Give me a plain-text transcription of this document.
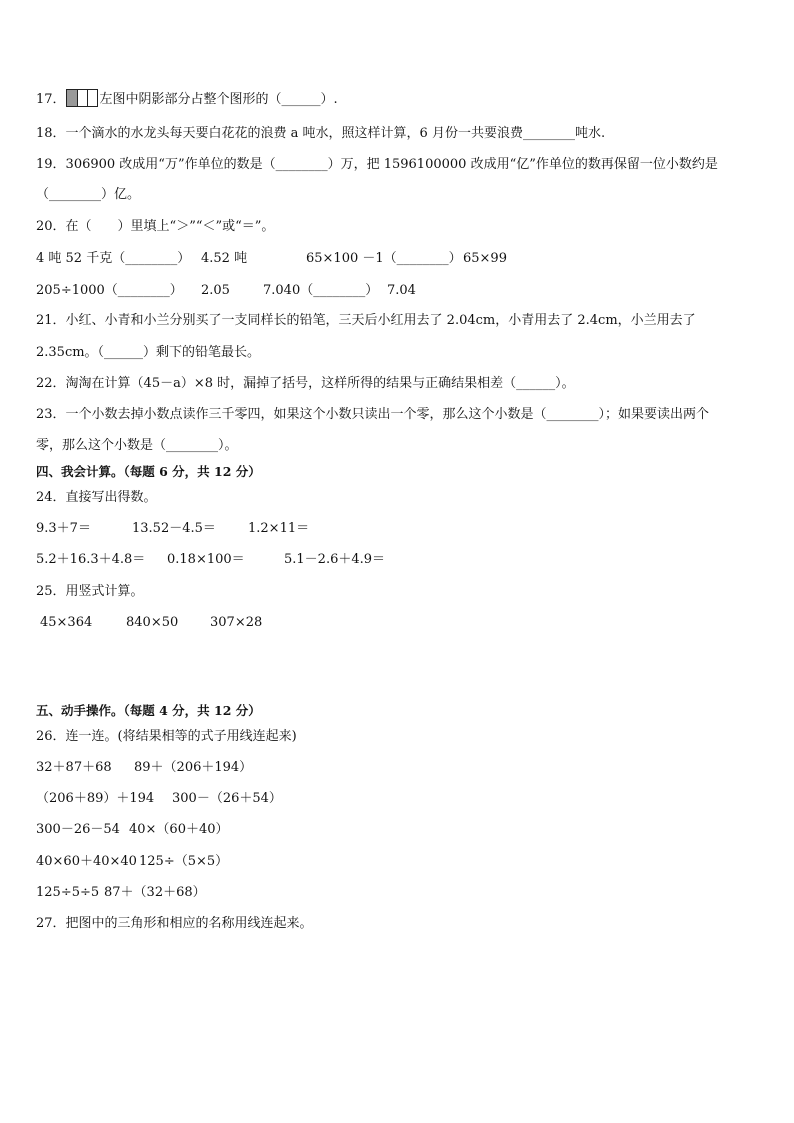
17．	左图中阴影部分占整个图形的（______）.
18．一个滴水的水龙头每天要白花花的浪费 a 吨水，照这样计算，6 月份一共要浪费________吨水.
19．306900 改成用“万”作单位的数是（________）万，把 1596100000 改成用“亿”作单位的数再保留一位小数约是
（________）亿。
20．在（　　）里填上“＞”“＜”或“＝”。
4 吨 52 千克（________） 4.52 吨	65×100 －1（________） 65×99
205÷1000（________） 2.05	7.040（________） 7.04
21．小红、小青和小兰分别买了一支同样长的铅笔，三天后小红用去了 2.04cm，小青用去了 2.4cm，小兰用去了
2.35cm。（______）剩下的铅笔最长。
22．淘淘在计算（45－a）×8 时，漏掉了括号，这样所得的结果与正确结果相差（______）。
23．一个小数去掉小数点读作三千零四，如果这个小数只读出一个零，那么这个小数是（________）；如果要读出两个
零，那么这个小数是（________）。
四、我会计算。（每题 6 分，共 12 分）
24．直接写出得数。
9.3＋7＝	13.52－4.5＝ 1.2×11＝
5.2＋16.3＋4.8＝ 0.18×100＝	5.1－2.6＋4.9＝
25．用竖式计算。
45×364	840×50 307×28
五、动手操作。（每题 4 分，共 12 分）
26．连一连。(将结果相等的式子用线连起来)
32＋87＋68 89＋（206＋194）
（206＋89）＋194 300－（26＋54）
300－26－54 40×（60＋40）
40×60＋40×40 125÷（5×5）
125÷5÷5 87＋（32＋68）
27．把图中的三角形和相应的名称用线连起来。
